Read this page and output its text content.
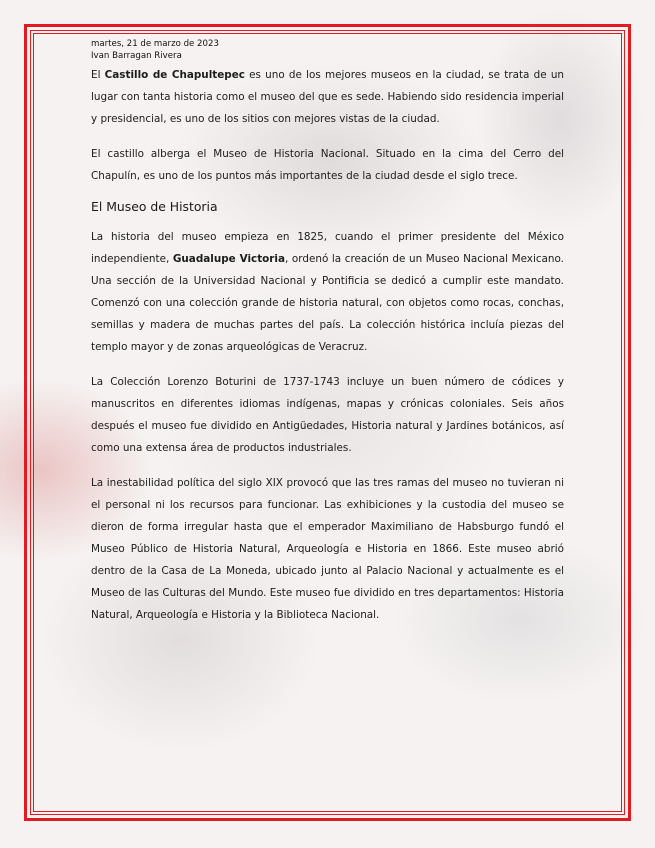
martes, 21 de marzo de 2023
Ivan Barragan Rivera

El Castillo de Chapultepec es uno de los mejores museos en la ciudad, se trata de un lugar con tanta historia como el museo del que es sede. Habiendo sido residencia imperial y presidencial, es uno de los sitios con mejores vistas de la ciudad.

El castillo alberga el Museo de Historia Nacional. Situado en la cima del Cerro del Chapulín, es uno de los puntos más importantes de la ciudad desde el siglo trece.

El Museo de Historia

La historia del museo empieza en 1825, cuando el primer presidente del México independiente, Guadalupe Victoria, ordenó la creación de un Museo Nacional Mexicano. Una sección de la Universidad Nacional y Pontificia se dedicó a cumplir este mandato. Comenzó con una colección grande de historia natural, con objetos como rocas, conchas, semillas y madera de muchas partes del país. La colección histórica incluía piezas del templo mayor y de zonas arqueológicas de Veracruz.

La Colección Lorenzo Boturini de 1737-1743 incluye un buen número de códices y manuscritos en diferentes idiomas indígenas, mapas y crónicas coloniales. Seis años después el museo fue dividido en Antigüedades, Historia natural y Jardines botánicos, así como una extensa área de productos industriales.

La inestabilidad política del siglo XIX provocó que las tres ramas del museo no tuvieran ni el personal ni los recursos para funcionar. Las exhibiciones y la custodia del museo se dieron de forma irregular hasta que el emperador Maximiliano de Habsburgo fundó el Museo Público de Historia Natural, Arqueología e Historia en 1866. Este museo abrió dentro de la Casa de La Moneda, ubicado junto al Palacio Nacional y actualmente es el Museo de las Culturas del Mundo. Este museo fue dividido en tres departamentos: Historia Natural, Arqueología e Historia y la Biblioteca Nacional.
